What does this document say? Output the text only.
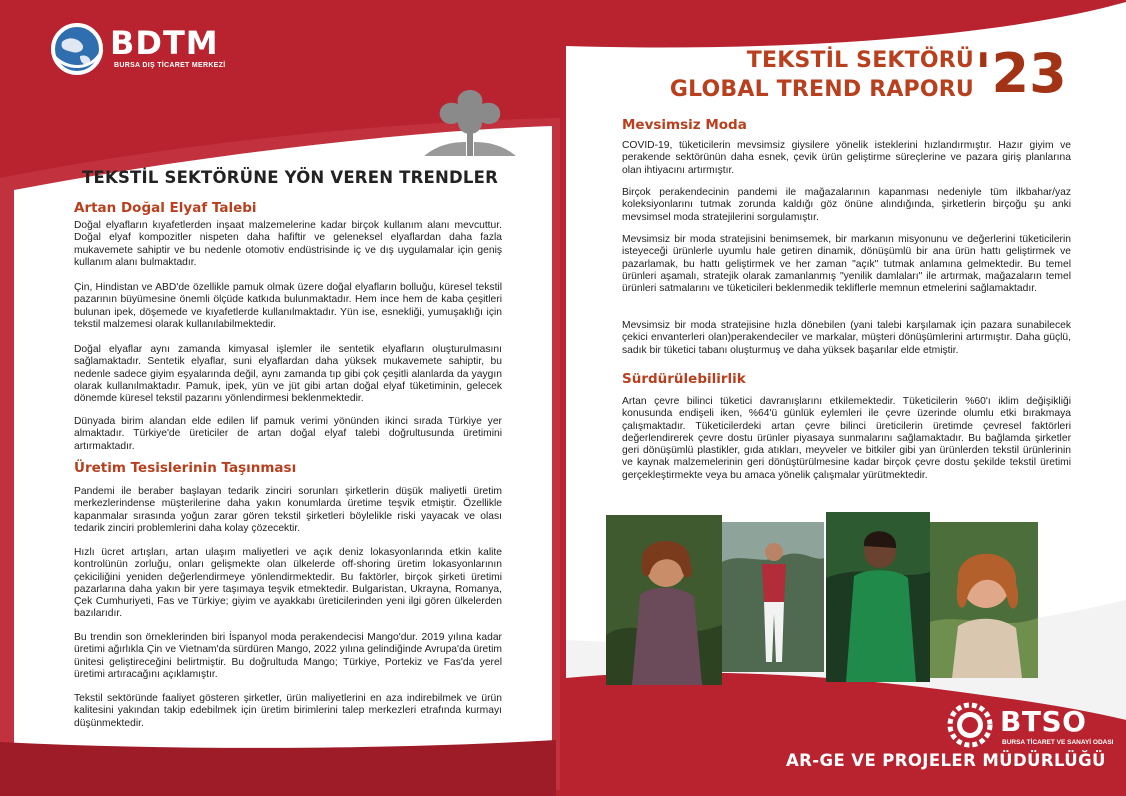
BDTM
BURSA DIŞ TİCARET MERKEZİ	TEKSTİL SEKTÖRÜ
GLOBAL TREND RAPORU '23
TEKSTİL SEKTÖRÜNE YÖN VEREN TRENDLER
Artan Doğal Elyaf Talebi

Doğal elyafların kıyafetlerden inşaat malzemelerine kadar birçok kullanım alanı mevcuttur. Doğal elyaf kompozitler nispeten daha hafiftir ve geleneksel elyaflardan daha fazla mukavemete sahiptir ve bu nedenle otomotiv endüstrisinde iç ve dış uygulamalar için geniş kullanım alanı bulmaktadır.

Çin, Hindistan ve ABD'de özellikle pamuk olmak üzere doğal elyafların bolluğu, küresel tekstil pazarının büyümesine önemli ölçüde katkıda bulunmaktadır. Hem ince hem de kaba çeşitleri bulunan ipek, döşemede ve kıyafetlerde kullanılmaktadır. Yün ise, esnekliği, yumuşaklığı için tekstil malzemesi olarak kullanılabilmektedir.

Doğal elyaflar aynı zamanda kimyasal işlemler ile sentetik elyafların oluşturulmasını sağlamaktadır. Sentetik elyaflar, suni elyaflardan daha yüksek mukavemete sahiptir, bu nedenle sadece giyim eşyalarında değil, aynı zamanda tıp gibi çok çeşitli alanlarda da yaygın olarak kullanılmaktadır. Pamuk, ipek, yün ve jüt gibi artan doğal elyaf tüketiminin, gelecek dönemde küresel tekstil pazarını yönlendirmesi beklenmektedir.

Dünyada birim alandan elde edilen lif pamuk verimi yönünden ikinci sırada Türkiye yer almaktadır. Türkiye'de üreticiler de artan doğal elyaf talebi doğrultusunda üretimini artırmaktadır.

Üretim Tesislerinin Taşınması

Pandemi ile beraber başlayan tedarik zinciri sorunları şirketlerin düşük maliyetli üretim merkezlerindense müşterilerine daha yakın konumlarda üretime teşvik etmiştir. Özellikle kapanmalar sırasında yoğun zarar gören tekstil şirketleri böylelikle riski yayacak ve olası tedarik zinciri problemlerini daha kolay çözecektir.

Hızlı ücret artışları, artan ulaşım maliyetleri ve açık deniz lokasyonlarında etkin kalite kontrolünün zorluğu, onları gelişmekte olan ülkelerde off-shoring üretim lokasyonlarının çekiciliğini yeniden değerlendirmeye yönlendirmektedir. Bu faktörler, birçok şirketi üretimi pazarlarına daha yakın bir yere taşımaya teşvik etmektedir. Bulgaristan, Ukrayna, Romanya, Çek Cumhuriyeti, Fas ve Türkiye; giyim ve ayakkabı üreticilerinden yeni ilgi gören ülkelerden bazılarıdır.

Bu trendin son örneklerinden biri İspanyol moda perakendecisi Mango'dur. 2019 yılına kadar üretimi ağırlıkla Çin ve Vietnam'da sürdüren Mango, 2022 yılına gelindiğinde Avrupa'da üretim ünitesi geliştireceğini belirtmiştir. Bu doğrultuda Mango; Türkiye, Portekiz ve Fas'da yerel üretimi artıracağını açıklamıştır.

Tekstil sektöründe faaliyet gösteren şirketler, ürün maliyetlerini en aza indirebilmek ve ürün kalitesini yakından takip edebilmek için üretim birimlerini talep merkezleri etrafında kurmayı düşünmektedir.

Mevsimsiz Moda

COVID-19, tüketicilerin mevsimsiz giysilere yönelik isteklerini hızlandırmıştır. Hazır giyim ve perakende sektörünün daha esnek, çevik ürün geliştirme süreçlerine ve pazara giriş planlarına olan ihtiyacını artırmıştır.

Birçok perakendecinin pandemi ile mağazalarının kapanması nedeniyle tüm ilkbahar/yaz koleksiyonlarını tutmak zorunda kaldığı göz önüne alındığında, şirketlerin birçoğu şu anki mevsimsel moda stratejilerini sorgulamıştır.

Mevsimsiz bir moda stratejisini benimsemek, bir markanın misyonunu ve değerlerini tüketicilerin isteyeceği ürünlerle uyumlu hale getiren dinamik, dönüşümlü bir ana ürün hattı geliştirmek ve pazarlamak, bu hattı geliştirmek ve her zaman "açık" tutmak anlamına gelmektedir. Bu temel ürünleri aşamalı, stratejik olarak zamanlanmış "yenilik damlaları" ile artırmak, mağazaların temel ürünleri satmalarını ve tüketicileri beklenmedik tekliflerle memnun etmelerini sağlamaktadır.

Mevsimsiz bir moda stratejisine hızla dönebilen (yani talebi karşılamak için pazara sunabilecek çekici envanterleri olan)perakendeciler ve markalar, müşteri dönüşümlerini artırmıştır. Daha güçlü, sadık bir tüketici tabanı oluşturmuş ve daha yüksek başarılar elde etmiştir.

Sürdürülebilirlik

Artan çevre bilinci tüketici davranışlarını etkilemektedir. Tüketicilerin %60'ı iklim değişikliği konusunda endişeli iken, %64'ü günlük eylemleri ile çevre üzerinde olumlu etki bırakmaya çalışmaktadır. Tüketicilerdeki artan çevre bilinci üreticilerin üretimde çevresel faktörleri değerlendirerek çevre dostu ürünler piyasaya sunmalarını sağlamaktadır. Bu bağlamda şirketler geri dönüşümlü plastikler, gıda atıkları, meyveler ve bitkiler gibi yan ürünlerden tekstil ürünlerinin ve kaynak malzemelerinin geri dönüştürülmesine kadar birçok çevre dostu şekilde tekstil üretimi gerçekleştirmekte veya bu amaca yönelik çalışmalar yürütmektedir.

BTSO
BURSA TİCARET VE SANAYİ ODASI
AR-GE VE PROJELER MÜDÜRLÜĞÜ
